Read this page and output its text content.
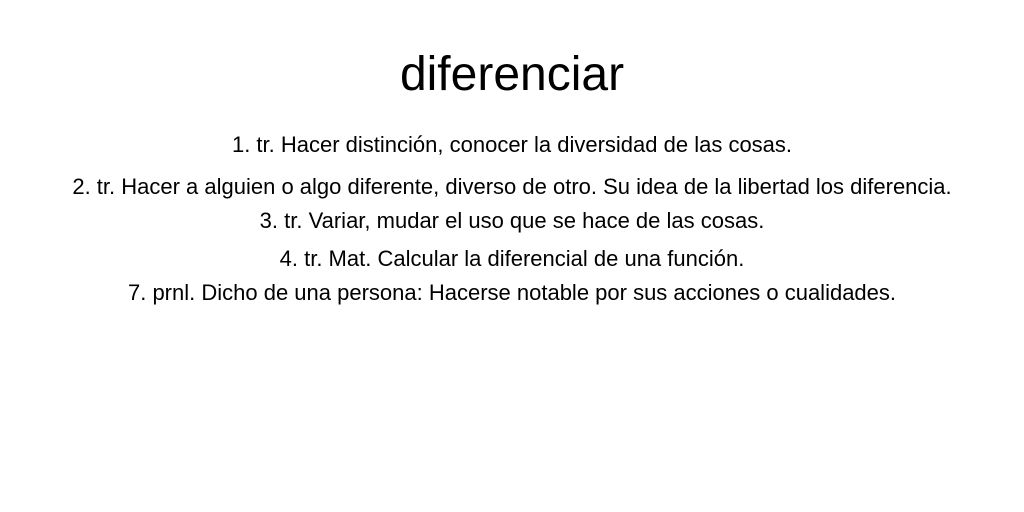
diferenciar
1. tr. Hacer distinción, conocer la diversidad de las cosas.
2. tr. Hacer a alguien o algo diferente, diverso de otro. Su idea de la libertad los diferencia.
3. tr. Variar, mudar el uso que se hace de las cosas.
4. tr. Mat. Calcular la diferencial de una función.
7. prnl. Dicho de una persona: Hacerse notable por sus acciones o cualidades.
